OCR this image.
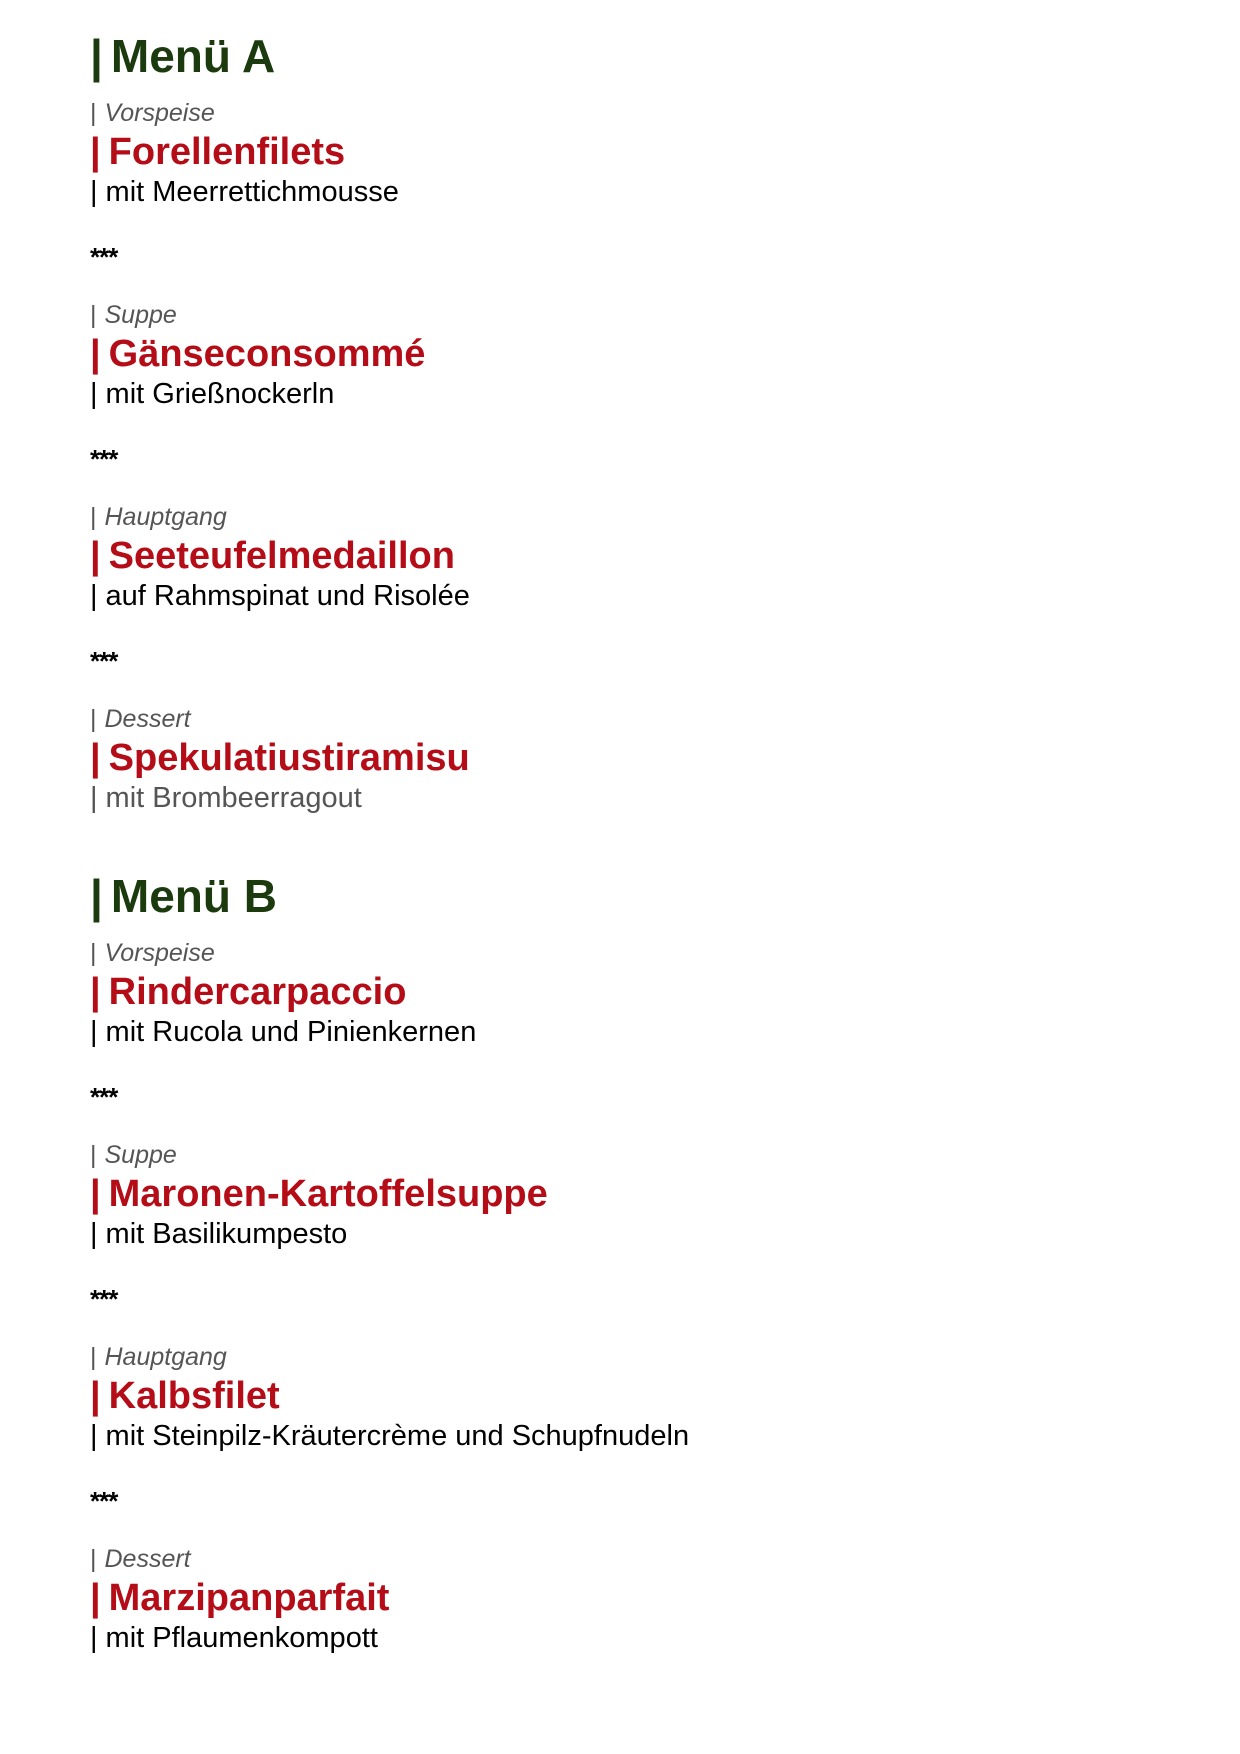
| Menü A
| Vorspeise
| Forellenfilets
| mit Meerrettichmousse
***
| Suppe
| Gänseconsommé
| mit Grießnockerln
***
| Hauptgang
| Seeteufelmedaillon
| auf Rahmspinat und Risolée
***
| Dessert
| Spekulatiustiramisu
| mit Brombeerragout
| Menü B
| Vorspeise
| Rindercarpaccio
| mit Rucola und Pinienkernen
***
| Suppe
| Maronen-Kartoffelsuppe
| mit Basilikumpesto
***
| Hauptgang
| Kalbsfilet
| mit Steinpilz-Kräutercrème und Schupfnudeln
***
| Dessert
| Marzipanparfait
| mit Pflaumenkompott
